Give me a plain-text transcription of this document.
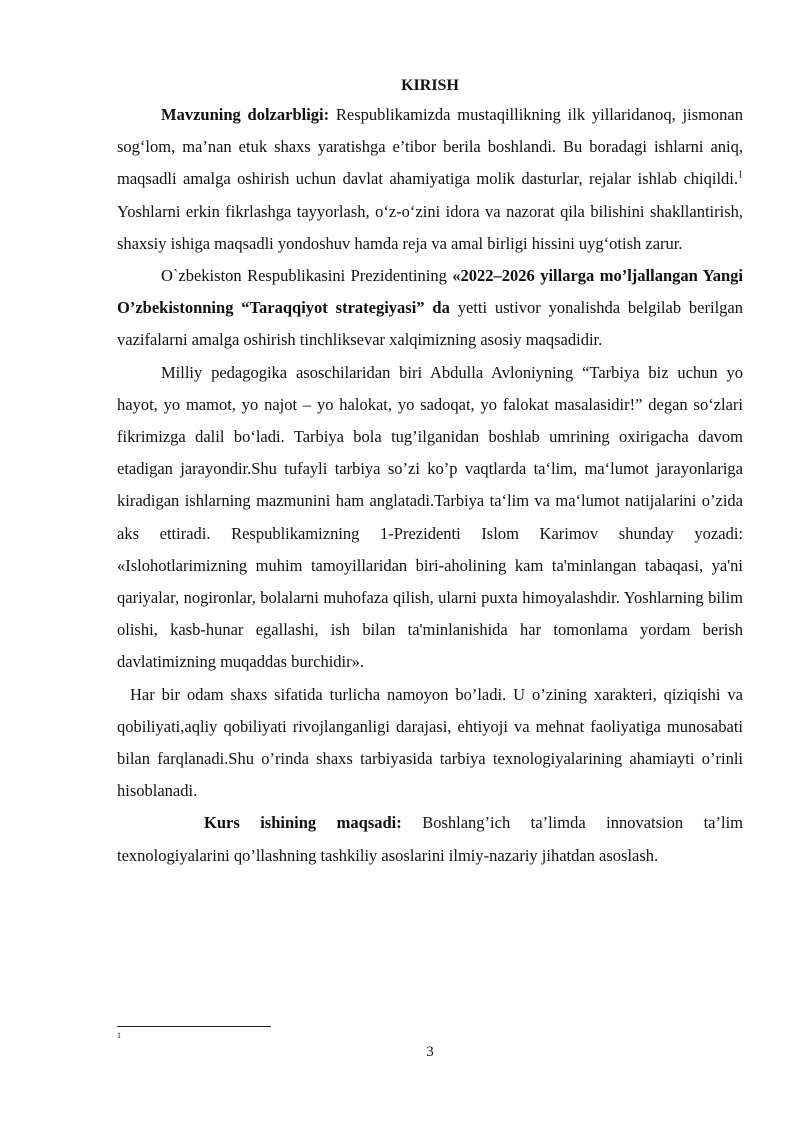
KIRISH

Mavzuning dolzarbligi: Respublikamizda mustaqillikning ilk yillaridanoq, jismonan sog‘lom, ma’nan etuk shaxs yaratishga e’tibor berila boshlandi. Bu boradagi ishlarni aniq, maqsadli amalga oshirish uchun davlat ahamiyatiga molik dasturlar, rejalar ishlab chiqildi.$^1$ Yoshlarni erkin fikrlashga tayyorlash, o‘z-o‘zini idora va nazorat qila bilishini shakllantirish, shaxsiy ishiga maqsadli yondoshuv hamda reja va amal birligi hissini uyg‘otish zarur.

O`zbekiston Respublikasini Prezidentining «2022–2026 yillarga mo’ljallangan Yangi O’zbekistonning “Taraqqiyot strategiyasi” da yetti ustivor yonalishda belgilab berilgan vazifalarni amalga oshirish tinchliksevar xalqimizning asosiy maqsadidir.

Milliy pedagogika asoschilaridan biri Abdulla Avloniyning “Tarbiya biz uchun yo hayot, yo mamot, yo najot – yo halokat, yo sadoqat, yo falokat masalasidir!” degan so‘zlari fikrimizga dalil bo‘ladi. Tarbiya bola tug’ilganidan boshlab umrining oxirigacha davom etadigan jarayondir.Shu tufayli tarbiya so’zi ko’p vaqtlarda ta‘lim, ma‘lumot jarayonlariga kiradigan ishlarning mazmunini ham anglatadi.Tarbiya ta‘lim va ma‘lumot natijalarini o’zida aks ettiradi. Respublikamizning 1-Prezidenti Islom Karimov shunday yozadi: «Islohotlarimizning muhim tamoyillaridan biri-aholining kam ta'minlangan tabaqasi, ya'ni qariyalar, nogironlar, bolalarni muhofaza qilish, ularni puxta himoyalashdir. Yoshlarning bilim olishi, kasb-hunar egallashi, ish bilan ta'minlanishida har tomonlama yordam berish davlatimizning muqaddas burchidir».

Har bir odam shaxs sifatida turlicha namoyon bo’ladi. U o’zining xarakteri, qiziqishi va qobiliyati,aqliy qobiliyati rivojlanganligi darajasi, ehtiyoji va mehnat faoliyatiga munosabati bilan farqlanadi.Shu o’rinda shaxs tarbiyasida tarbiya texnologiyalarining ahamiayti o’rinli hisoblanadi.

Kurs ishining maqsadi: Boshlang’ich ta’limda innovatsion ta’lim texnologiyalarini qo’llashning tashkiliy asoslarini ilmiy-nazariy jihatdan asoslash.

1
3
